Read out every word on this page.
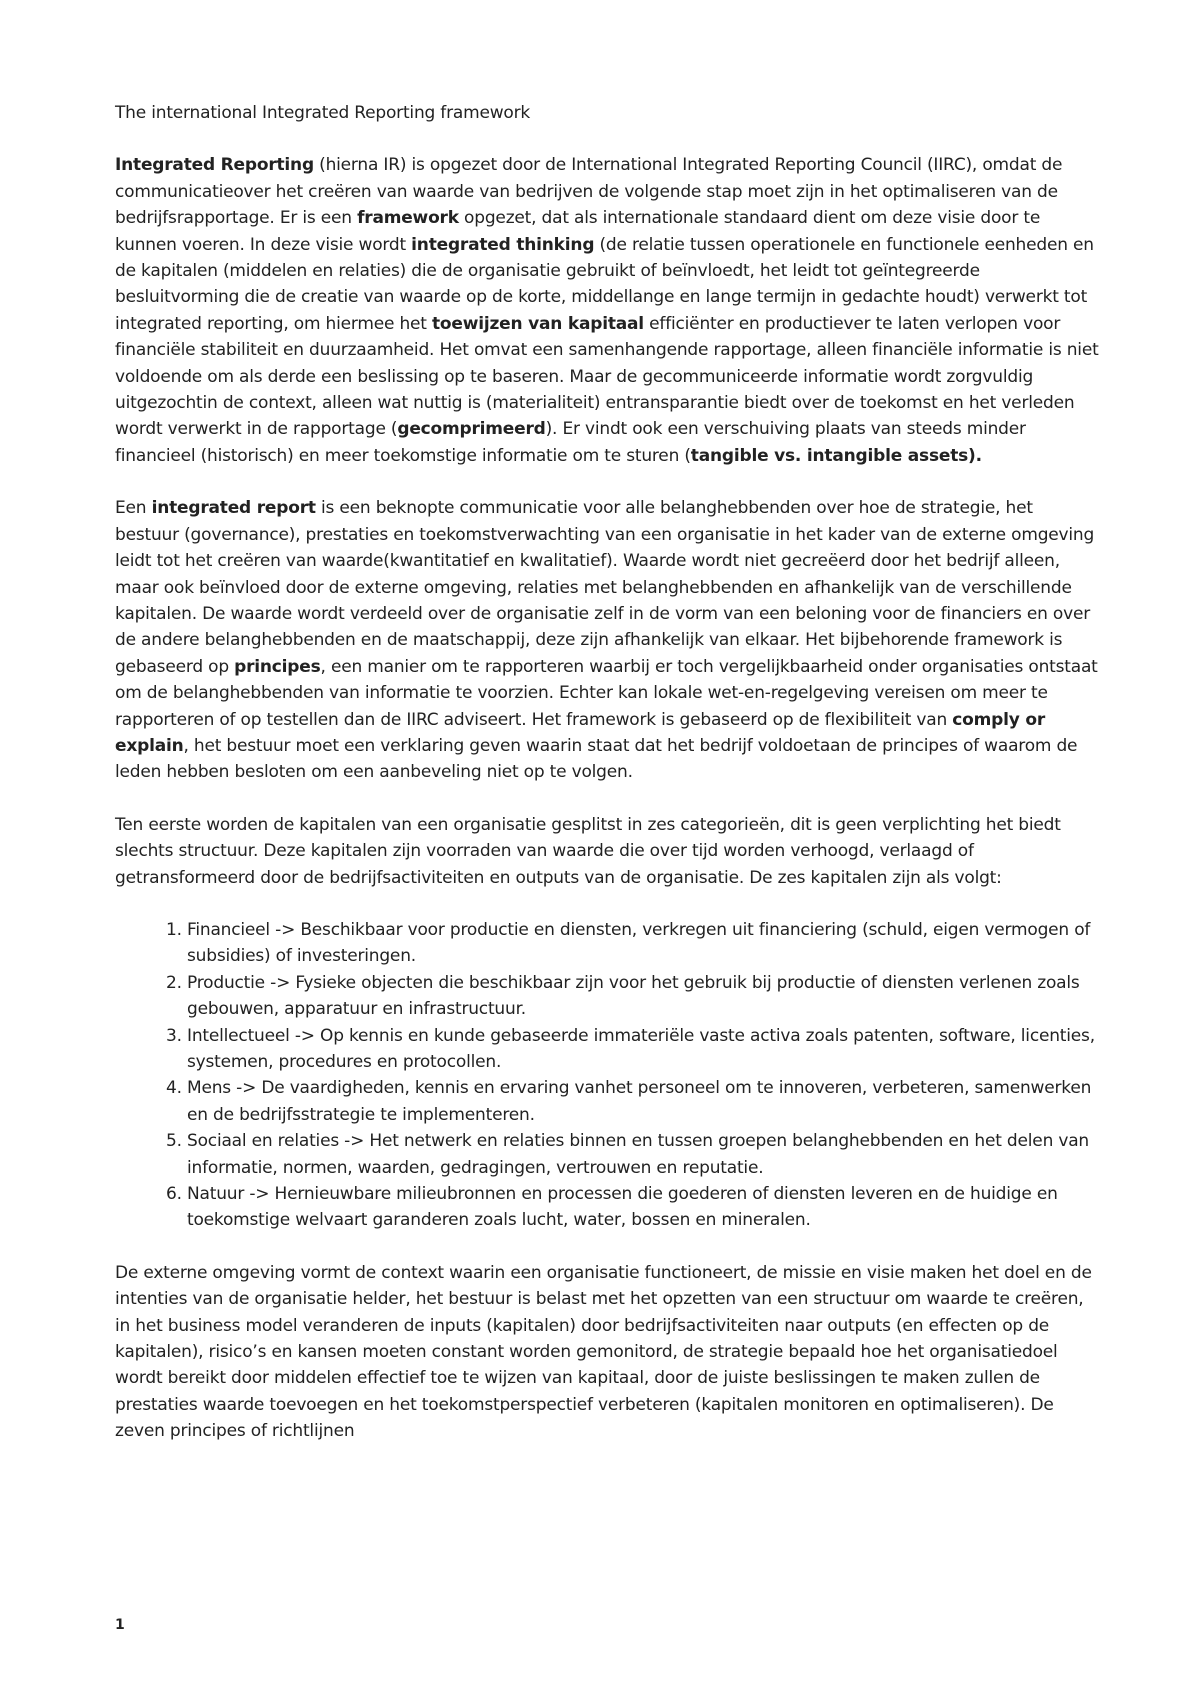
The international Integrated Reporting framework

Integrated Reporting (hierna IR) is opgezet door de International Integrated Reporting Council (IIRC), omdat de communicatieover het creëren van waarde van bedrijven de volgende stap moet zijn in het optimaliseren van de bedrijfsrapportage. Er is een framework opgezet, dat als internationale standaard dient om deze visie door te kunnen voeren. In deze visie wordt integrated thinking (de relatie tussen operationele en functionele eenheden en de kapitalen (middelen en relaties) die de organisatie gebruikt of beïnvloedt, het leidt tot geïntegreerde besluitvorming die de creatie van waarde op de korte, middellange en lange termijn in gedachte houdt) verwerkt tot integrated reporting, om hiermee het toewijzen van kapitaal efficiënter en productiever te laten verlopen voor financiële stabiliteit en duurzaamheid. Het omvat een samenhangende rapportage, alleen financiële informatie is niet voldoende om als derde een beslissing op te baseren. Maar de gecommuniceerde informatie wordt zorgvuldig uitgezochtin de context, alleen wat nuttig is (materialiteit) entransparantie biedt over de toekomst en het verleden wordt verwerkt in de rapportage (gecomprimeerd). Er vindt ook een verschuiving plaats van steeds minder financieel (historisch) en meer toekomstige informatie om te sturen (tangible vs. intangible assets).

Een integrated report is een beknopte communicatie voor alle belanghebbenden over hoe de strategie, het bestuur (governance), prestaties en toekomstverwachting van een organisatie in het kader van de externe omgeving leidt tot het creëren van waarde(kwantitatief en kwalitatief). Waarde wordt niet gecreëerd door het bedrijf alleen, maar ook beïnvloed door de externe omgeving, relaties met belanghebbenden en afhankelijk van de verschillende kapitalen. De waarde wordt verdeeld over de organisatie zelf in de vorm van een beloning voor de financiers en over de andere belanghebbenden en de maatschappij, deze zijn afhankelijk van elkaar. Het bijbehorende framework is gebaseerd op principes, een manier om te rapporteren waarbij er toch vergelijkbaarheid onder organisaties ontstaat om de belanghebbenden van informatie te voorzien. Echter kan lokale wet-en-regelgeving vereisen om meer te rapporteren of op testellen dan de IIRC adviseert. Het framework is gebaseerd op de flexibiliteit van comply or explain, het bestuur moet een verklaring geven waarin staat dat het bedrijf voldoetaan de principes of waarom de leden hebben besloten om een aanbeveling niet op te volgen.

Ten eerste worden de kapitalen van een organisatie gesplitst in zes categorieën, dit is geen verplichting het biedt slechts structuur. Deze kapitalen zijn voorraden van waarde die over tijd worden verhoogd, verlaagd of getransformeerd door de bedrijfsactiviteiten en outputs van de organisatie. De zes kapitalen zijn als volgt:

1. Financieel -> Beschikbaar voor productie en diensten, verkregen uit financiering (schuld, eigen vermogen of subsidies) of investeringen.
2. Productie -> Fysieke objecten die beschikbaar zijn voor het gebruik bij productie of diensten verlenen zoals gebouwen, apparatuur en infrastructuur.
3. Intellectueel -> Op kennis en kunde gebaseerde immateriële vaste activa zoals patenten, software, licenties, systemen, procedures en protocollen.
4. Mens -> De vaardigheden, kennis en ervaring vanhet personeel om te innoveren, verbeteren, samenwerken en de bedrijfsstrategie te implementeren.
5. Sociaal en relaties -> Het netwerk en relaties binnen en tussen groepen belanghebbenden en het delen van informatie, normen, waarden, gedragingen, vertrouwen en reputatie.
6. Natuur -> Hernieuwbare milieubronnen en processen die goederen of diensten leveren en de huidige en toekomstige welvaart garanderen zoals lucht, water, bossen en mineralen.

De externe omgeving vormt de context waarin een organisatie functioneert, de missie en visie maken het doel en de intenties van de organisatie helder, het bestuur is belast met het opzetten van een structuur om waarde te creëren, in het business model veranderen de inputs (kapitalen) door bedrijfsactiviteiten naar outputs (en effecten op de kapitalen), risico’s en kansen moeten constant worden gemonitord, de strategie bepaald hoe het organisatiedoel wordt bereikt door middelen effectief toe te wijzen van kapitaal, door de juiste beslissingen te maken zullen de prestaties waarde toevoegen en het toekomstperspectief verbeteren (kapitalen monitoren en optimaliseren). De zeven principes of richtlijnen

1
